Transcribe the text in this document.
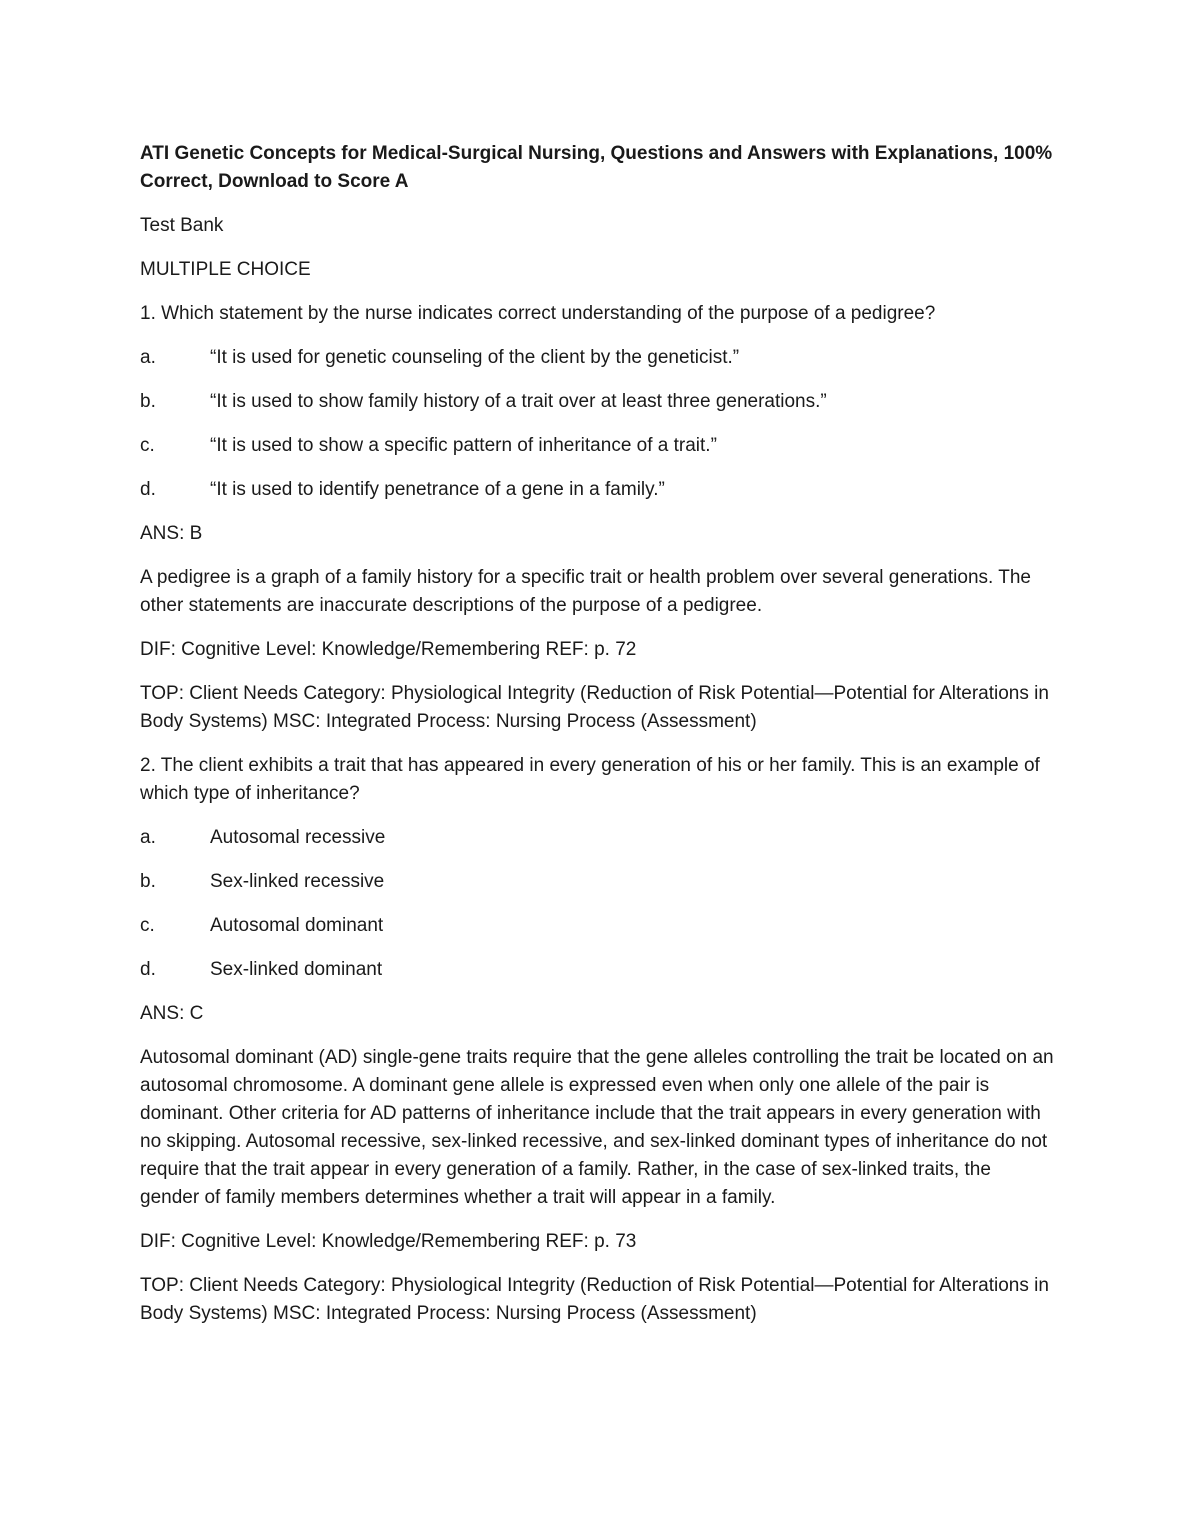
ATI Genetic Concepts for Medical-Surgical Nursing, Questions and Answers with Explanations, 100% Correct, Download to Score A
Test Bank
MULTIPLE CHOICE
1. Which statement by the nurse indicates correct understanding of the purpose of a pedigree?
a.	“It is used for genetic counseling of the client by the geneticist.”
b.	“It is used to show family history of a trait over at least three generations.”
c.	“It is used to show a specific pattern of inheritance of a trait.”
d.	“It is used to identify penetrance of a gene in a family.”
ANS: B
A pedigree is a graph of a family history for a specific trait or health problem over several generations. The other statements are inaccurate descriptions of the purpose of a pedigree.
DIF: Cognitive Level: Knowledge/Remembering REF: p. 72
TOP: Client Needs Category: Physiological Integrity (Reduction of Risk Potential—Potential for Alterations in Body Systems) MSC: Integrated Process: Nursing Process (Assessment)
2. The client exhibits a trait that has appeared in every generation of his or her family. This is an example of which type of inheritance?
a.	Autosomal recessive
b.	Sex-linked recessive
c.	Autosomal dominant
d.	Sex-linked dominant
ANS: C
Autosomal dominant (AD) single-gene traits require that the gene alleles controlling the trait be located on an autosomal chromosome. A dominant gene allele is expressed even when only one allele of the pair is dominant. Other criteria for AD patterns of inheritance include that the trait appears in every generation with no skipping. Autosomal recessive, sex-linked recessive, and sex-linked dominant types of inheritance do not require that the trait appear in every generation of a family. Rather, in the case of sex-linked traits, the gender of family members determines whether a trait will appear in a family.
DIF: Cognitive Level: Knowledge/Remembering REF: p. 73
TOP: Client Needs Category: Physiological Integrity (Reduction of Risk Potential—Potential for Alterations in Body Systems) MSC: Integrated Process: Nursing Process (Assessment)
